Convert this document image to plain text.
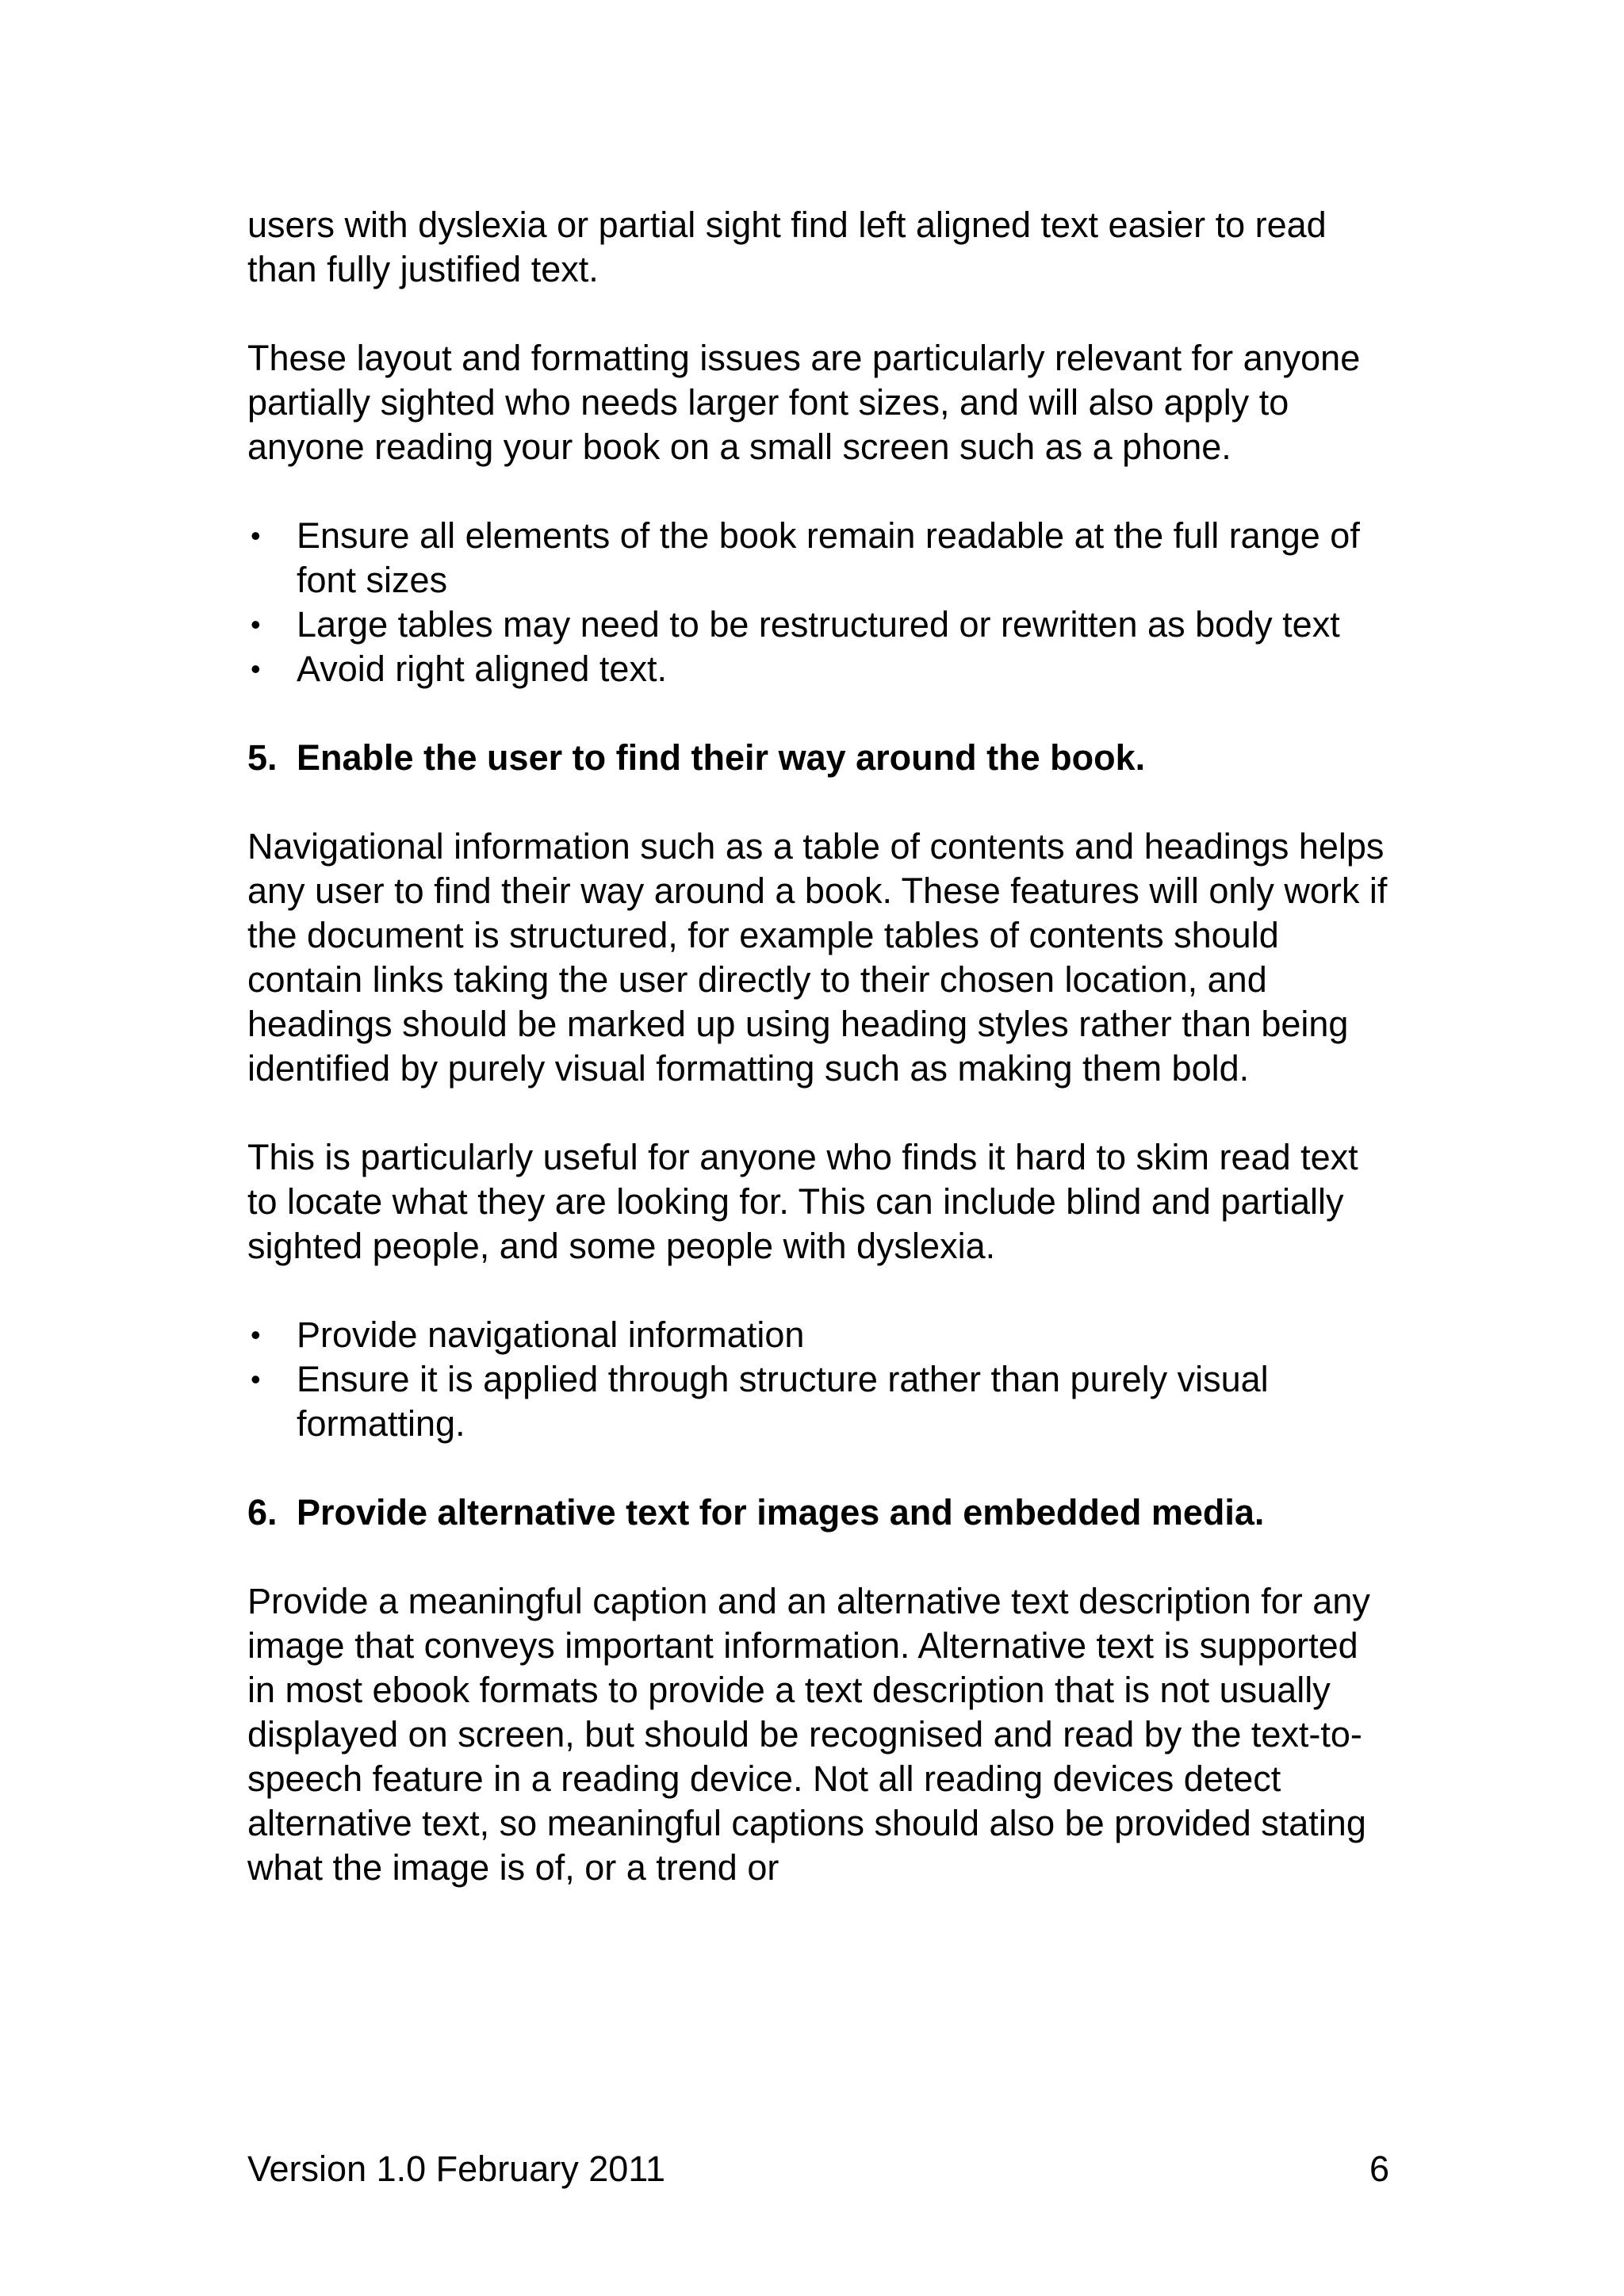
users with dyslexia or partial sight find left aligned text easier to read than fully justified text.

These layout and formatting issues are particularly relevant for anyone partially sighted who needs larger font sizes, and will also apply to anyone reading your book on a small screen such as a phone.

• Ensure all elements of the book remain readable at the full range of font sizes
• Large tables may need to be restructured or rewritten as body text
• Avoid right aligned text.
5. Enable the user to find their way around the book.

Navigational information such as a table of contents and headings helps any user to find their way around a book. These features will only work if the document is structured, for example tables of contents should contain links taking the user directly to their chosen location, and headings should be marked up using heading styles rather than being identified by purely visual formatting such as making them bold.

This is particularly useful for anyone who finds it hard to skim read text to locate what they are looking for. This can include blind and partially sighted people, and some people with dyslexia.

• Provide navigational information
• Ensure it is applied through structure rather than purely visual formatting.
6. Provide alternative text for images and embedded media.

Provide a meaningful caption and an alternative text description for any image that conveys important information. Alternative text is supported in most ebook formats to provide a text description that is not usually displayed on screen, but should be recognised and read by the text-to-speech feature in a reading device. Not all reading devices detect alternative text, so meaningful captions should also be provided stating what the image is of, or a trend or

Version 1.0 February 2011	6
